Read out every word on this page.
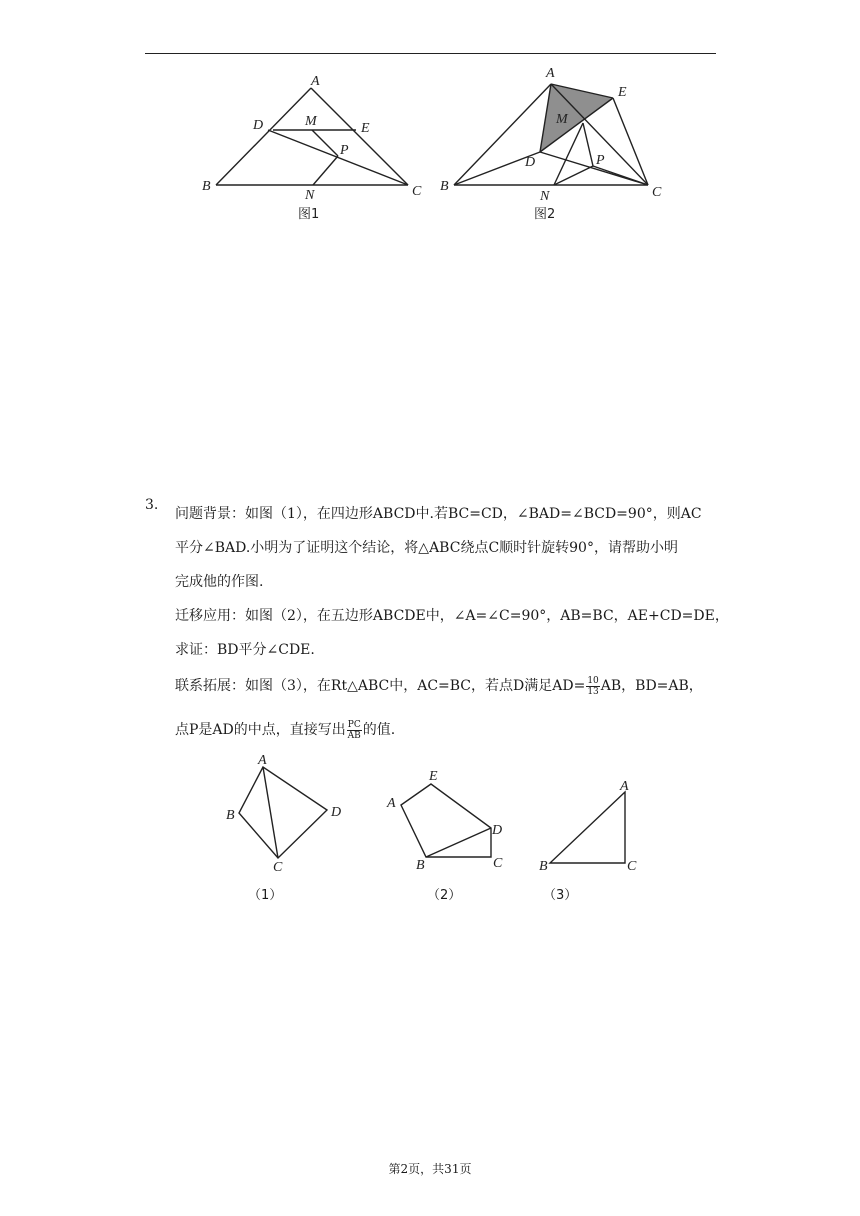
A
D	M	E
P
B
N	C
图1
A
E
M
D	P
B
N	C
图2
3.
问题背景：如图（1），在四边形ABCD中.若BC=CD，∠BAD=∠BCD=90°，则AC
平分∠BAD.小明为了证明这个结论，将△ABC绕点C顺时针旋转90°，请帮助小明
完成他的作图.
迁移应用：如图（2），在五边形ABCDE中，∠A=∠C=90°，AB=BC，AE+CD=DE，
求证：BD平分∠CDE.
联系拓展：如图（3），在Rt△ABC中，AC=BC，若点D满足$AD= \frac{10}{13}$ AB，BD=AB，
点P是AD的中点，直接写出 $\frac{PC}{AB}$ 的值.
A
B
C
D
E
A
D
B	C
A
B	C
（1）	（2）	（3）
第2页，共31页
